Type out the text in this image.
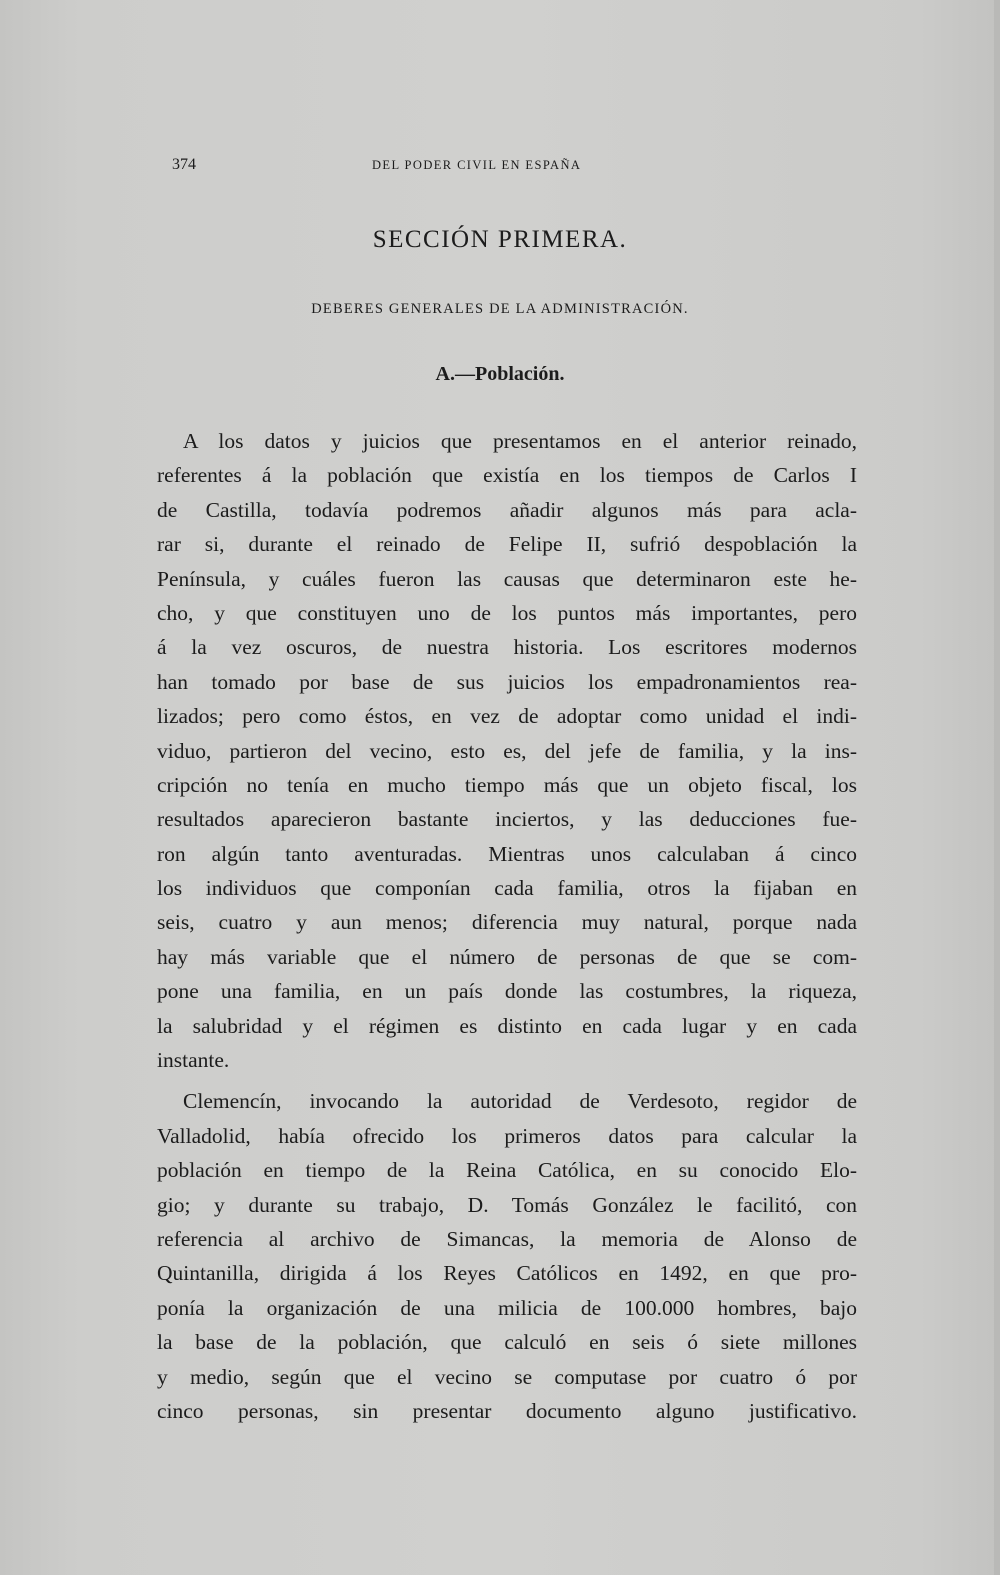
374	DEL PODER CIVIL EN ESPAÑA
SECCIÓN PRIMERA.
DEBERES GENERALES DE LA ADMINISTRACIÓN.
A.—Población.
A los datos y juicios que presentamos en el anterior reinado,
referentes á la población que existía en los tiempos de Carlos I
de Castilla, todavía podremos añadir algunos más para acla-
rar si, durante el reinado de Felipe II, sufrió despoblación la
Península, y cuáles fueron las causas que determinaron este he-
cho, y que constituyen uno de los puntos más importantes, pero
á la vez oscuros, de nuestra historia. Los escritores modernos
han tomado por base de sus juicios los empadronamientos rea-
lizados; pero como éstos, en vez de adoptar como unidad el indi-
viduo, partieron del vecino, esto es, del jefe de familia, y la ins-
cripción no tenía en mucho tiempo más que un objeto fiscal, los
resultados aparecieron bastante inciertos, y las deducciones fue-
ron algún tanto aventuradas. Mientras unos calculaban á cinco
los individuos que componían cada familia, otros la fijaban en
seis, cuatro y aun menos; diferencia muy natural, porque nada
hay más variable que el número de personas de que se com-
pone una familia, en un país donde las costumbres, la riqueza,
la salubridad y el régimen es distinto en cada lugar y en cada
instante.
Clemencín, invocando la autoridad de Verdesoto, regidor de
Valladolid, había ofrecido los primeros datos para calcular la
población en tiempo de la Reina Católica, en su conocido Elo-
gio; y durante su trabajo, D. Tomás González le facilitó, con
referencia al archivo de Simancas, la memoria de Alonso de
Quintanilla, dirigida á los Reyes Católicos en 1492, en que pro-
ponía la organización de una milicia de 100.000 hombres, bajo
la base de la población, que calculó en seis ó siete millones
y medio, según que el vecino se computase por cuatro ó por
cinco personas, sin presentar documento alguno justificativo.
